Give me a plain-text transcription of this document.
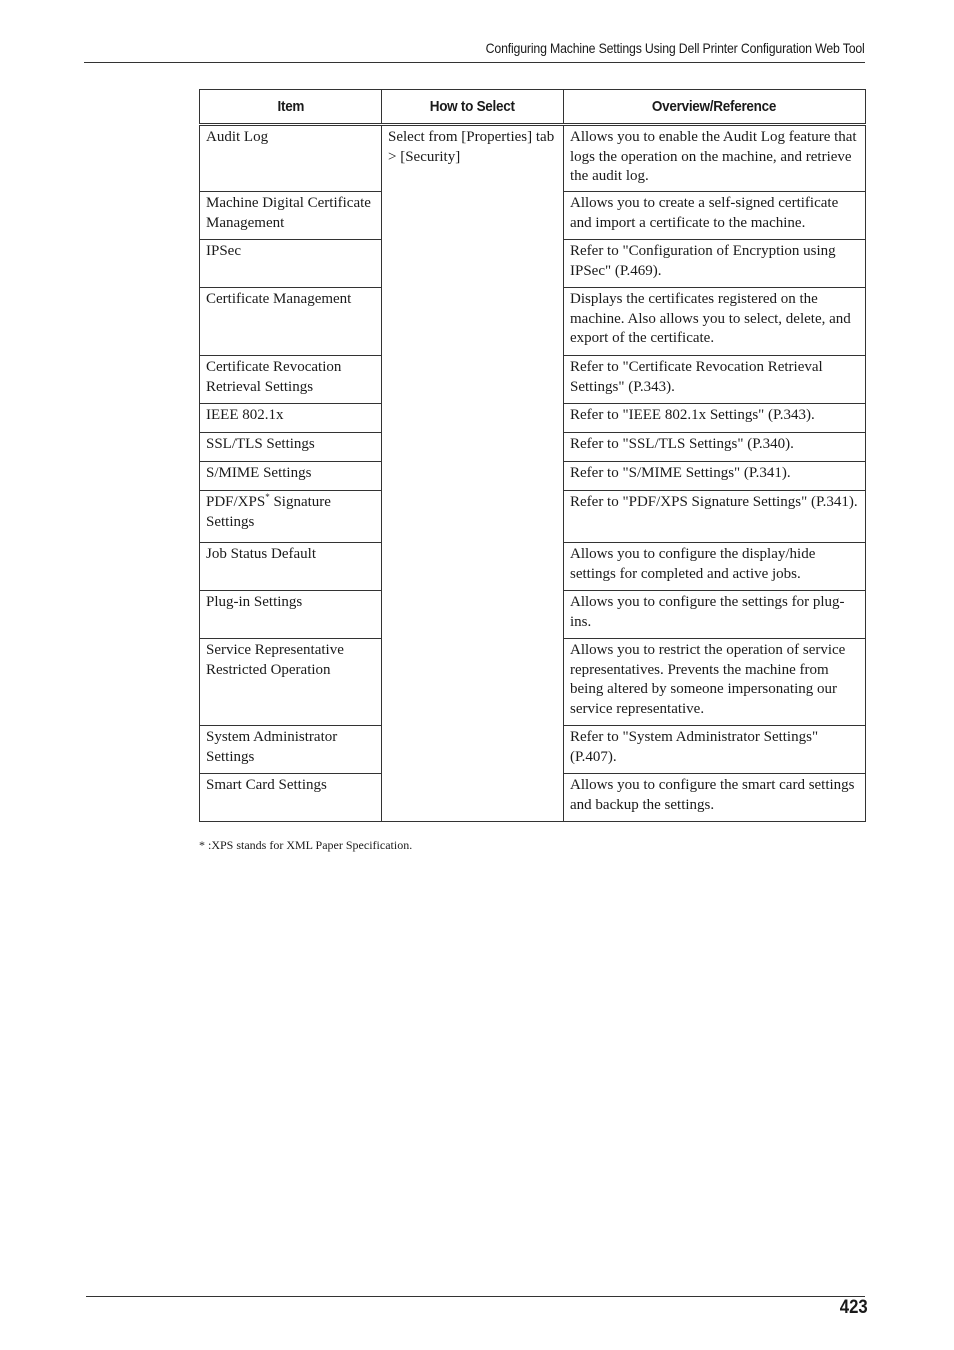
Configuring Machine Settings Using Dell Printer Configuration Web Tool
Item	How to Select	Overview/Reference
Audit Log	Select from [Properties] tab > [Security]	Allows you to enable the Audit Log feature that logs the operation on the machine, and retrieve the audit log.
Machine Digital Certificate Management		Allows you to create a self-signed certificate and import a certificate to the machine.
IPSec		Refer to "Configuration of Encryption using IPSec" (P.469).
Certificate Management		Displays the certificates registered on the machine. Also allows you to select, delete, and export of the certificate.
Certificate Revocation Retrieval Settings		Refer to "Certificate Revocation Retrieval Settings" (P.343).
IEEE 802.1x		Refer to "IEEE 802.1x Settings" (P.343).
SSL/TLS Settings		Refer to "SSL/TLS Settings" (P.340).
S/MIME Settings		Refer to "S/MIME Settings" (P.341).
PDF/XPS* Signature Settings		Refer to "PDF/XPS Signature Settings" (P.341).
Job Status Default		Allows you to configure the display/hide settings for completed and active jobs.
Plug-in Settings		Allows you to configure the settings for plug-ins.
Service Representative Restricted Operation		Allows you to restrict the operation of service representatives. Prevents the machine from being altered by someone impersonating our service representative.
System Administrator Settings		Refer to "System Administrator Settings" (P.407).
Smart Card Settings		Allows you to configure the smart card settings and backup the settings.
* :XPS stands for XML Paper Specification.
423
